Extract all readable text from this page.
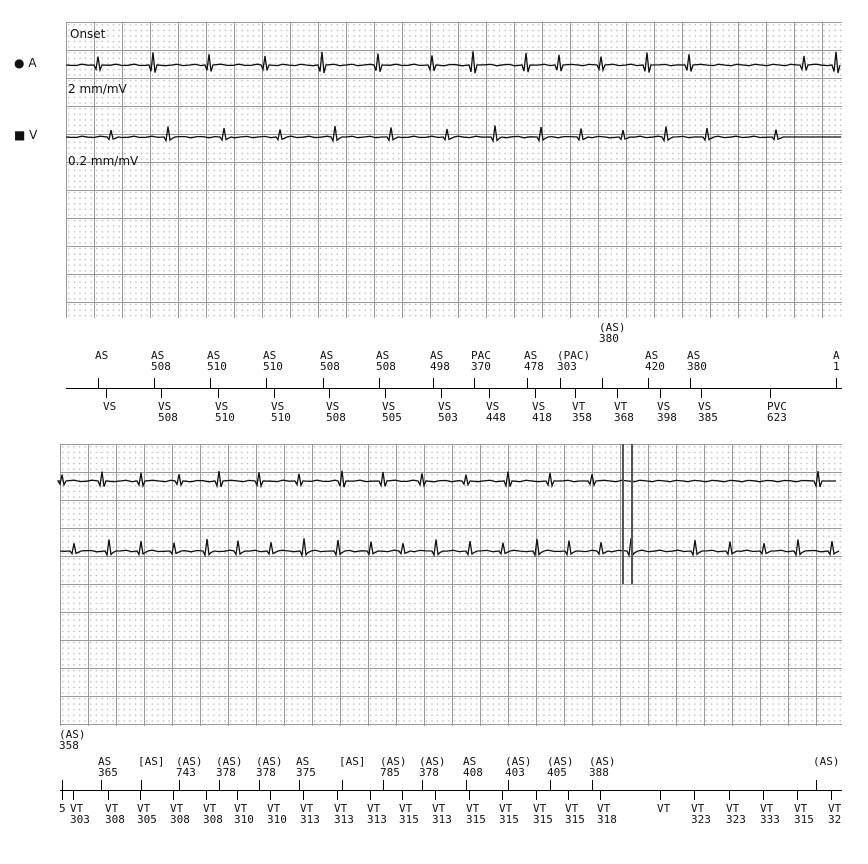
● A
■ V
Onset
2 mm/mV
0.2 mm/mV
AS	AS
508
AS
510
AS
510
AS
508
AS
508
AS
498
PAC
370
AS
478
(PAC)
303
(AS)
380
AS
420
AS
380
A
1
VS	VS
508
VS
510
VS
510
VS
508
VS
505
VS
503
VS
448
VS
418
VT
358
VT
368
VS
398
VS
385
PVC
623
(AS)
358
AS
365
[AS] (AS)
743
(AS)
378
(AS)
378
AS
375
[AS] (AS)
785
(AS)
378
AS
408
(AS)
403
(AS)
405
(AS)
388
(AS)
5 VT
303
VT
308
VT
305
VT
308
VT
308
VT
310
VT
310
VT
313
VT
313
VT
313
VT
315
VT
313
VT
315
VT
315
VT
315
VT
315
VT
318
VT VT
323
VT
323
VT
333
VT
315
VT
32
